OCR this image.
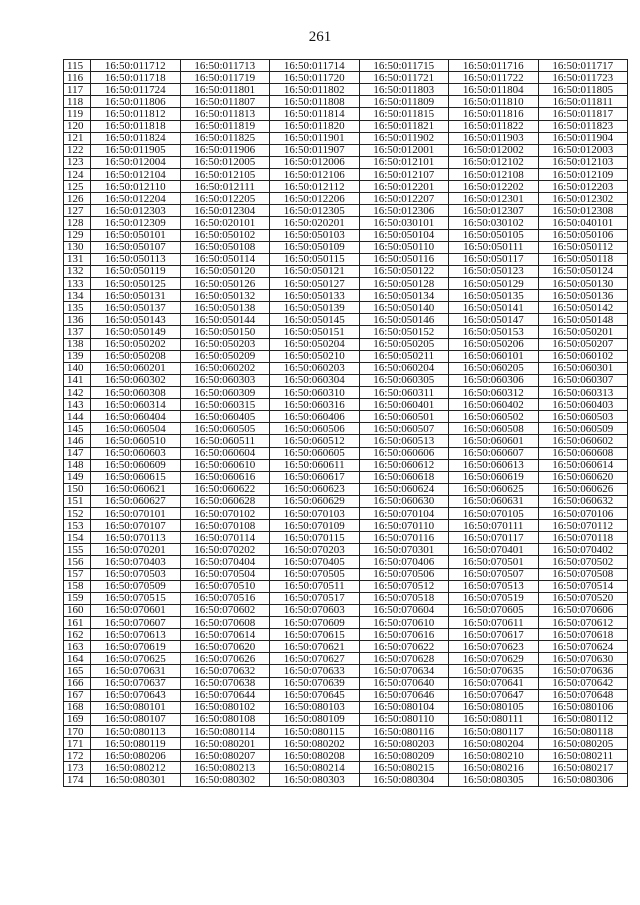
261
115	16:50:011712	16:50:011713	16:50:011714	16:50:011715	16:50:011716	16:50:011717
116	16:50:011718	16:50:011719	16:50:011720	16:50:011721	16:50:011722	16:50:011723
117	16:50:011724	16:50:011801	16:50:011802	16:50:011803	16:50:011804	16:50:011805
118	16:50:011806	16:50:011807	16:50:011808	16:50:011809	16:50:011810	16:50:011811
119	16:50:011812	16:50:011813	16:50:011814	16:50:011815	16:50:011816	16:50:011817
120	16:50:011818	16:50:011819	16:50:011820	16:50:011821	16:50:011822	16:50:011823
121	16:50:011824	16:50:011825	16:50:011901	16:50:011902	16:50:011903	16:50:011904
122	16:50:011905	16:50:011906	16:50:011907	16:50:012001	16:50:012002	16:50:012003
123	16:50:012004	16:50:012005	16:50:012006	16:50:012101	16:50:012102	16:50:012103
124	16:50:012104	16:50:012105	16:50:012106	16:50:012107	16:50:012108	16:50:012109
125	16:50:012110	16:50:012111	16:50:012112	16:50:012201	16:50:012202	16:50:012203
126	16:50:012204	16:50:012205	16:50:012206	16:50:012207	16:50:012301	16:50:012302
127	16:50:012303	16:50:012304	16:50:012305	16:50:012306	16:50:012307	16:50:012308
128	16:50:012309	16:50:020101	16:50:020201	16:50:030101	16:50:030102	16:50:040101
129	16:50:050101	16:50:050102	16:50:050103	16:50:050104	16:50:050105	16:50:050106
130	16:50:050107	16:50:050108	16:50:050109	16:50:050110	16:50:050111	16:50:050112
131	16:50:050113	16:50:050114	16:50:050115	16:50:050116	16:50:050117	16:50:050118
132	16:50:050119	16:50:050120	16:50:050121	16:50:050122	16:50:050123	16:50:050124
133	16:50:050125	16:50:050126	16:50:050127	16:50:050128	16:50:050129	16:50:050130
134	16:50:050131	16:50:050132	16:50:050133	16:50:050134	16:50:050135	16:50:050136
135	16:50:050137	16:50:050138	16:50:050139	16:50:050140	16:50:050141	16:50:050142
136	16:50:050143	16:50:050144	16:50:050145	16:50:050146	16:50:050147	16:50:050148
137	16:50:050149	16:50:050150	16:50:050151	16:50:050152	16:50:050153	16:50:050201
138	16:50:050202	16:50:050203	16:50:050204	16:50:050205	16:50:050206	16:50:050207
139	16:50:050208	16:50:050209	16:50:050210	16:50:050211	16:50:060101	16:50:060102
140	16:50:060201	16:50:060202	16:50:060203	16:50:060204	16:50:060205	16:50:060301
141	16:50:060302	16:50:060303	16:50:060304	16:50:060305	16:50:060306	16:50:060307
142	16:50:060308	16:50:060309	16:50:060310	16:50:060311	16:50:060312	16:50:060313
143	16:50:060314	16:50:060315	16:50:060316	16:50:060401	16:50:060402	16:50:060403
144	16:50:060404	16:50:060405	16:50:060406	16:50:060501	16:50:060502	16:50:060503
145	16:50:060504	16:50:060505	16:50:060506	16:50:060507	16:50:060508	16:50:060509
146	16:50:060510	16:50:060511	16:50:060512	16:50:060513	16:50:060601	16:50:060602
147	16:50:060603	16:50:060604	16:50:060605	16:50:060606	16:50:060607	16:50:060608
148	16:50:060609	16:50:060610	16:50:060611	16:50:060612	16:50:060613	16:50:060614
149	16:50:060615	16:50:060616	16:50:060617	16:50:060618	16:50:060619	16:50:060620
150	16:50:060621	16:50:060622	16:50:060623	16:50:060624	16:50:060625	16:50:060626
151	16:50:060627	16:50:060628	16:50:060629	16:50:060630	16:50:060631	16:50:060632
152	16:50:070101	16:50:070102	16:50:070103	16:50:070104	16:50:070105	16:50:070106
153	16:50:070107	16:50:070108	16:50:070109	16:50:070110	16:50:070111	16:50:070112
154	16:50:070113	16:50:070114	16:50:070115	16:50:070116	16:50:070117	16:50:070118
155	16:50:070201	16:50:070202	16:50:070203	16:50:070301	16:50:070401	16:50:070402
156	16:50:070403	16:50:070404	16:50:070405	16:50:070406	16:50:070501	16:50:070502
157	16:50:070503	16:50:070504	16:50:070505	16:50:070506	16:50:070507	16:50:070508
158	16:50:070509	16:50:070510	16:50:070511	16:50:070512	16:50:070513	16:50:070514
159	16:50:070515	16:50:070516	16:50:070517	16:50:070518	16:50:070519	16:50:070520
160	16:50:070601	16:50:070602	16:50:070603	16:50:070604	16:50:070605	16:50:070606
161	16:50:070607	16:50:070608	16:50:070609	16:50:070610	16:50:070611	16:50:070612
162	16:50:070613	16:50:070614	16:50:070615	16:50:070616	16:50:070617	16:50:070618
163	16:50:070619	16:50:070620	16:50:070621	16:50:070622	16:50:070623	16:50:070624
164	16:50:070625	16:50:070626	16:50:070627	16:50:070628	16:50:070629	16:50:070630
165	16:50:070631	16:50:070632	16:50:070633	16:50:070634	16:50:070635	16:50:070636
166	16:50:070637	16:50:070638	16:50:070639	16:50:070640	16:50:070641	16:50:070642
167	16:50:070643	16:50:070644	16:50:070645	16:50:070646	16:50:070647	16:50:070648
168	16:50:080101	16:50:080102	16:50:080103	16:50:080104	16:50:080105	16:50:080106
169	16:50:080107	16:50:080108	16:50:080109	16:50:080110	16:50:080111	16:50:080112
170	16:50:080113	16:50:080114	16:50:080115	16:50:080116	16:50:080117	16:50:080118
171	16:50:080119	16:50:080201	16:50:080202	16:50:080203	16:50:080204	16:50:080205
172	16:50:080206	16:50:080207	16:50:080208	16:50:080209	16:50:080210	16:50:080211
173	16:50:080212	16:50:080213	16:50:080214	16:50:080215	16:50:080216	16:50:080217
174	16:50:080301	16:50:080302	16:50:080303	16:50:080304	16:50:080305	16:50:080306
